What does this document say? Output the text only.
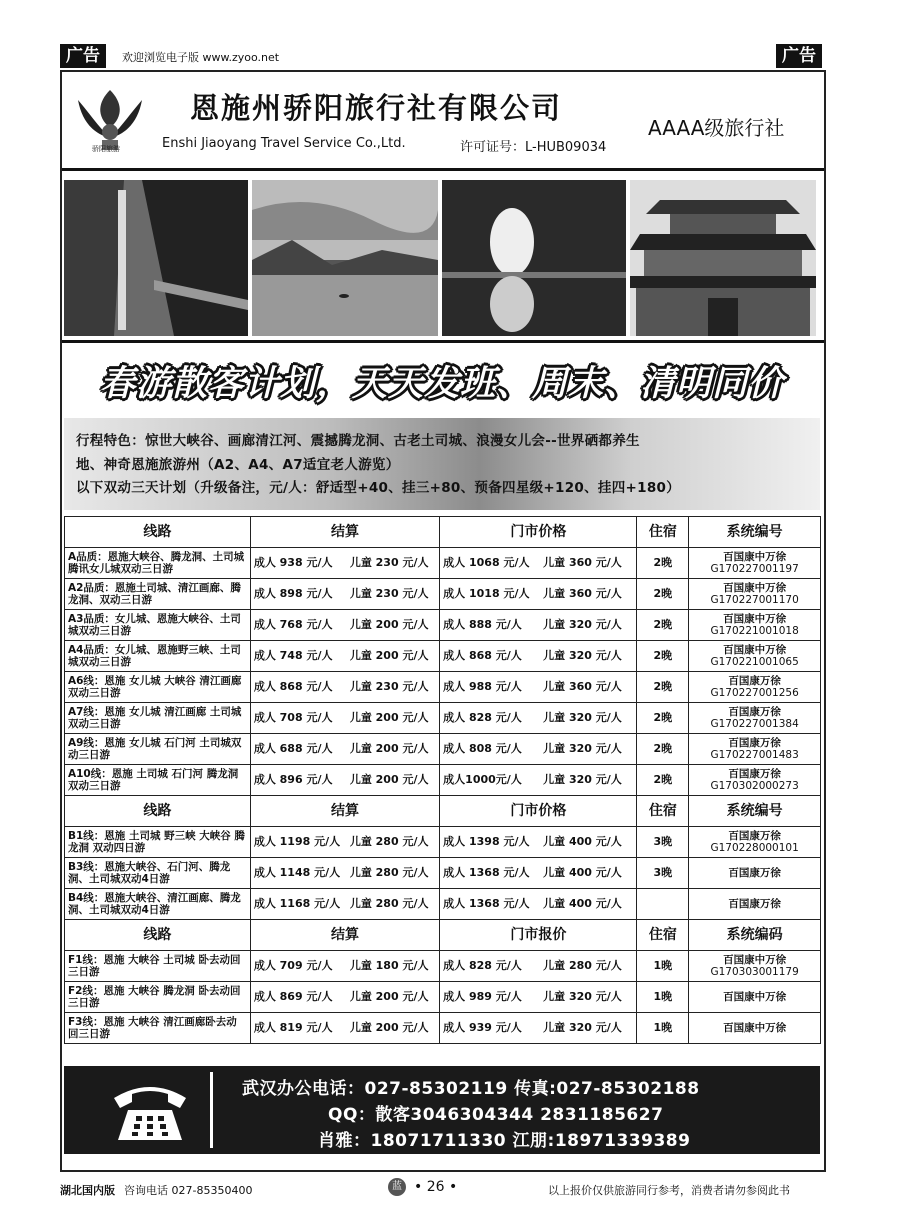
广告	欢迎浏览电子版 www.zyoo.net	广告
骄阳旅游
恩施州骄阳旅行社有限公司
Enshi Jiaoyang Travel Service Co.,Ltd.	许可证号：L-HUB09034
AAAA级旅行社
春游散客计划，天天发班、周末、清明同价
行程特色：惊世大峡谷、画廊清江河、震撼腾龙洞、古老土司城、浪漫女儿会--世界硒都养生
地、神奇恩施旅游州（A2、A4、A7适宜老人游览）
以下双动三天计划（升级备注，元/人：舒适型+40、挂三+80、预备四星级+120、挂四+180）
线路	结算	门市价格	住宿	系统编号
A品质：恩施大峡谷、腾龙洞、土司城腾讯女儿城双动三日游	成人 938 元/人 儿童 230 元/人	成人 1068 元/人 儿童 360 元/人	2晚	百国康中万徐
G170227001197

A2品质：恩施土司城、清江画廊、腾龙洞、双动三日游	成人 898 元/人 儿童 230 元/人	成人 1018 元/人 儿童 360 元/人	2晚	百国康中万徐
G170227001170

A3品质：女儿城、恩施大峡谷、土司城双动三日游	成人 768 元/人 儿童 200 元/人	成人 888 元/人 儿童 320 元/人	2晚	百国康中万徐
G170221001018

A4品质：女儿城、恩施野三峡、土司城双动三日游	成人 748 元/人 儿童 200 元/人	成人 868 元/人 儿童 320 元/人	2晚	百国康中万徐
G170221001065

A6线：恩施 女儿城 大峡谷 清江画廊双动三日游	成人 868 元/人 儿童 230 元/人	成人 988 元/人 儿童 360 元/人	2晚	百国康万徐
G170227001256

A7线：恩施 女儿城 清江画廊 土司城双动三日游	成人 708 元/人 儿童 200 元/人	成人 828 元/人 儿童 320 元/人	2晚	百国康万徐
G170227001384

A9线：恩施 女儿城 石门河 土司城双动三日游	成人 688 元/人 儿童 200 元/人	成人 808 元/人 儿童 320 元/人	2晚	百国康万徐
G170227001483

A10线：恩施 土司城 石门河 腾龙洞双动三日游	成人 896 元/人 儿童 200 元/人	成人1000元/人 儿童 320 元/人	2晚	百国康万徐
G170302000273

线路	结算	门市价格	住宿	系统编号
B1线：恩施 土司城 野三峡 大峡谷 腾龙洞 双动四日游	成人 1198 元/人 儿童 280 元/人	成人 1398 元/人 儿童 400 元/人	3晚	百国康万徐
G170228000101

B3线：恩施大峡谷、石门河、腾龙洞、土司城双动4日游	成人 1148 元/人 儿童 280 元/人	成人 1368 元/人 儿童 400 元/人	3晚	百国康万徐

B4线：恩施大峡谷、清江画廊、腾龙洞、土司城双动4日游	成人 1168 元/人 儿童 280 元/人	成人 1368 元/人 儿童 400 元/人		百国康万徐

线路	结算	门市报价	住宿	系统编码
F1线：恩施 大峡谷 土司城 卧去动回三日游	成人 709 元/人 儿童 180 元/人	成人 828 元/人 儿童 280 元/人	1晚	百国康中万徐
G170303001179

F2线：恩施 大峡谷 腾龙洞 卧去动回三日游	成人 869 元/人 儿童 200 元/人	成人 989 元/人 儿童 320 元/人	1晚	百国康中万徐

F3线：恩施 大峡谷 清江画廊卧去动回三日游	成人 819 元/人 儿童 200 元/人	成人 939 元/人 儿童 320 元/人	1晚	百国康中万徐
武汉办公电话：027-85302119 传真:027-85302188
QQ：散客3046304344 2831185627
肖雅：18071711330 江朋:18971339389
湖北国内版 咨询电话 027-85350400	蓝 • 26 •	以上报价仅供旅游同行参考，消费者请勿参阅此书
